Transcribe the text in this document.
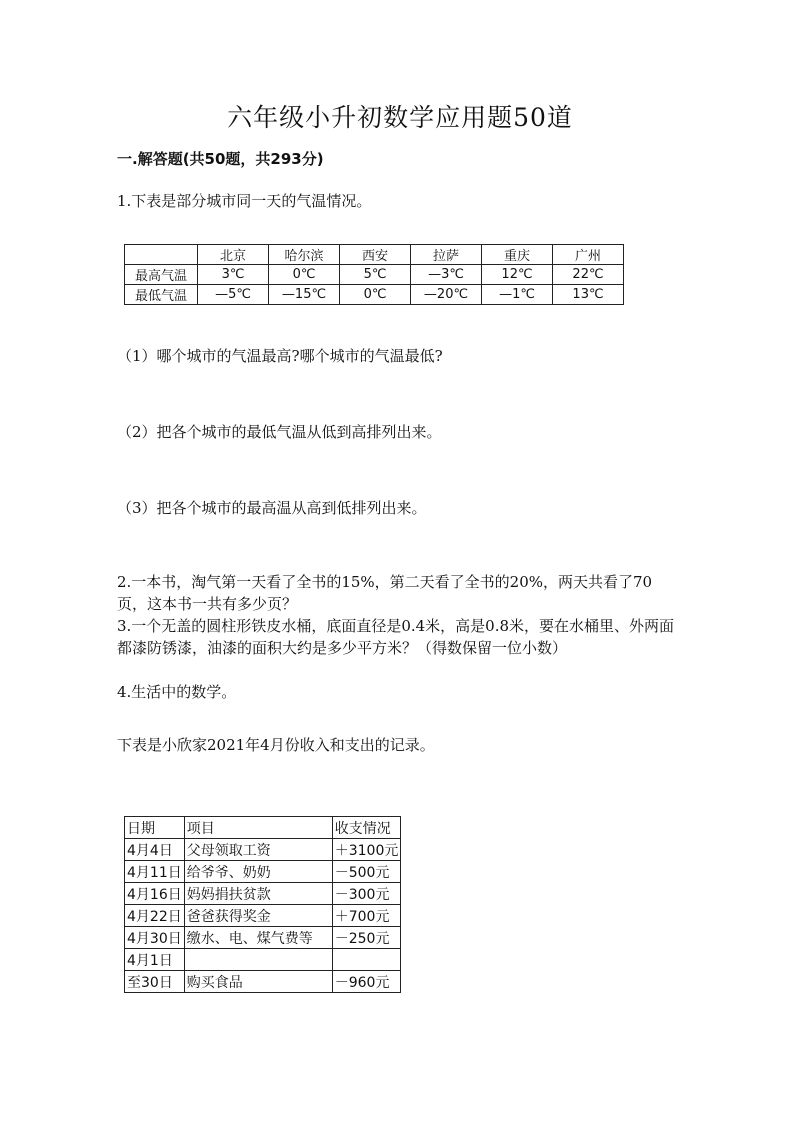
六年级小升初数学应用题50道
一.解答题(共50题，共293分)
1.下表是部分城市同一天的气温情况。
	北京	哈尔滨	西安	拉萨	重庆	广州
最高气温	3℃	0℃	5℃	—3℃	12℃	22℃
最低气温	—5℃	—15℃	0℃	—20℃	—1℃	13℃
（1）哪个城市的气温最高?哪个城市的气温最低?
（2）把各个城市的最低气温从低到高排列出来。
（3）把各个城市的最高温从高到低排列出来。
2.一本书，淘气第一天看了全书的15%，第二天看了全书的20%，两天共看了70页，这本书一共有多少页？
3.一个无盖的圆柱形铁皮水桶，底面直径是0.4米，高是0.8米，要在水桶里、外两面都漆防锈漆，油漆的面积大约是多少平方米？（得数保留一位小数）
4.生活中的数学。
下表是小欣家2021年4月份收入和支出的记录。
日期	项目	收支情况
4月4日	父母领取工资	＋3100元
4月11日	给爷爷、奶奶	－500元
4月16日	妈妈捐扶贫款	－300元
4月22日	爸爸获得奖金	＋700元
4月30日	缴水、电、煤气费等	－250元
4月1日		
至30日	购买食品	－960元
